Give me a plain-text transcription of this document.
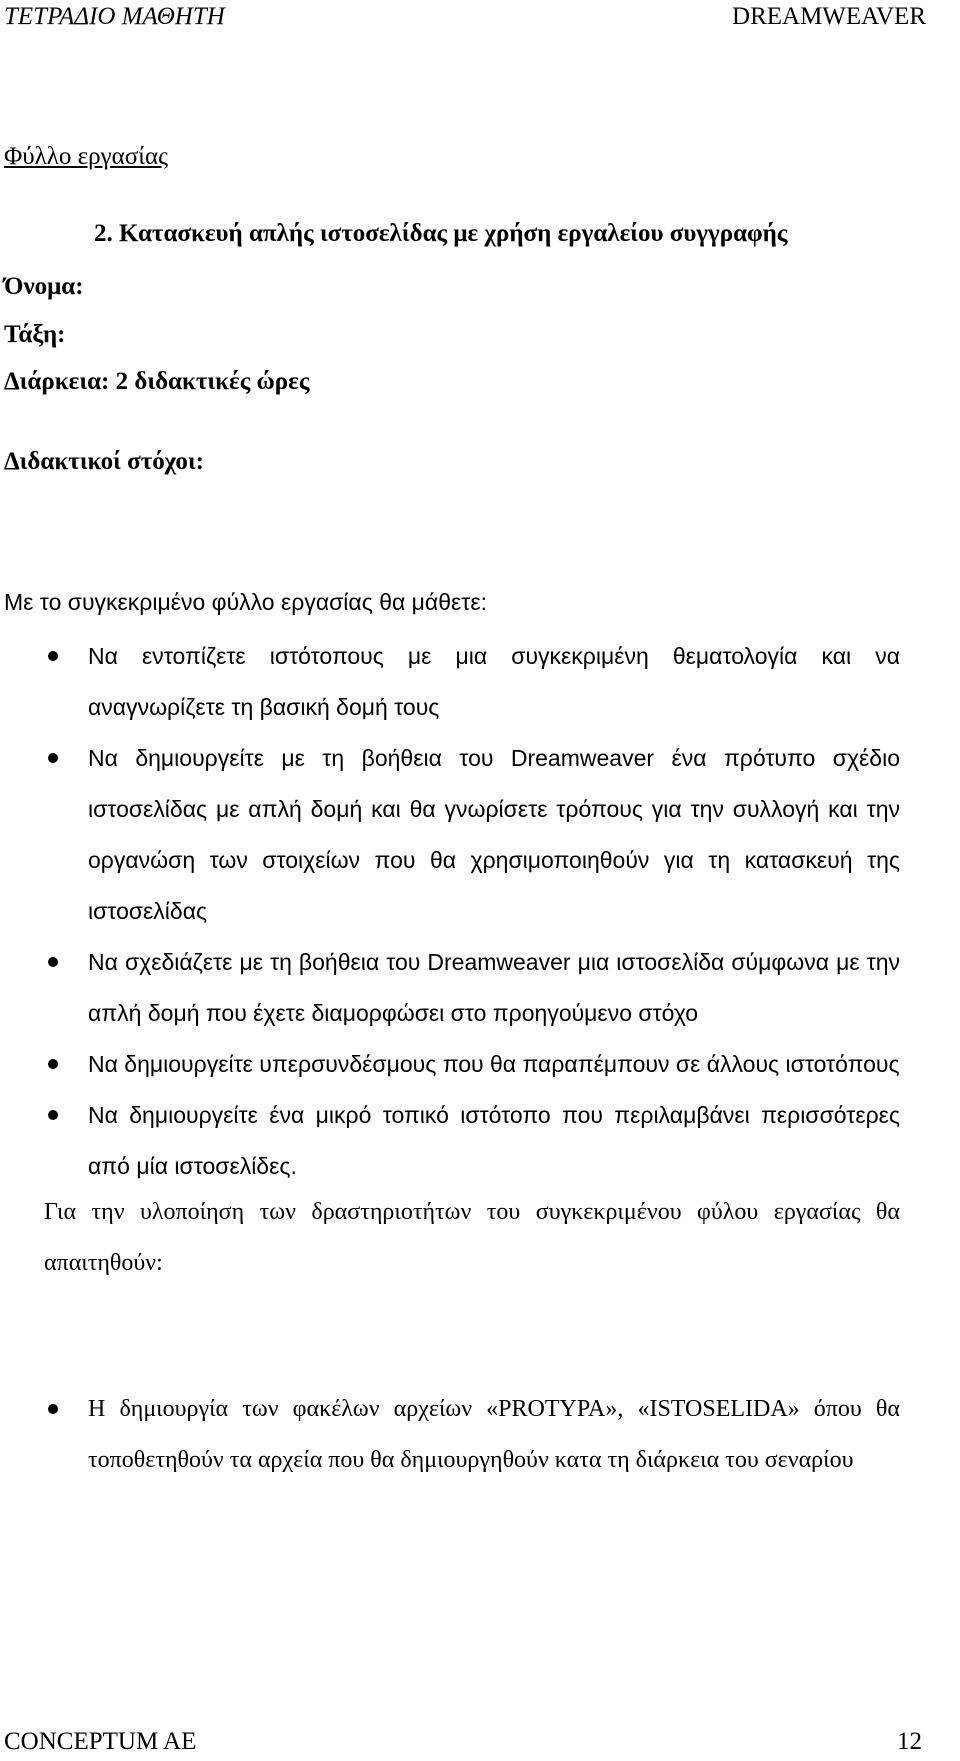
ΤΕΤΡΑΔΙΟ ΜΑΘΗΤΗ	DREAMWEAVER
Φύλλο εργασίας
2. Κατασκευή απλής ιστοσελίδας με χρήση εργαλείου συγγραφής
Όνομα:
Τάξη:
Διάρκεια: 2 διδακτικές ώρες
Διδακτικοί στόχοι:
Με το συγκεκριμένο φύλλο εργασίας θα μάθετε:
Να εντοπίζετε ιστότοπους με μια συγκεκριμένη θεματολογία και να αναγνωρίζετε τη βασική δομή τους
Να δημιουργείτε με τη βοήθεια του Dreamweaver ένα πρότυπο σχέδιο ιστοσελίδας με απλή δομή και θα γνωρίσετε τρόπους για την συλλογή και την οργανώση των στοιχείων που θα χρησιμοποιηθούν για τη κατασκευή της ιστοσελίδας
Να σχεδιάζετε με τη βοήθεια του Dreamweaver μια ιστοσελίδα σύμφωνα με την απλή δομή που έχετε διαμορφώσει στο προηγούμενο στόχο
Να δημιουργείτε υπερσυνδέσμους που θα παραπέμπουν σε άλλους ιστοτόπους
Να δημιουργείτε ένα μικρό τοπικό ιστότοπο που περιλαμβάνει περισσότερες από μία ιστοσελίδες.
Για την υλοποίηση των δραστηριοτήτων του συγκεκριμένου φύλου εργασίας θα απαιτηθούν:
Η δημιουργία των φακέλων αρχείων «PROTYPA», «ISTOSELIDA» όπου θα τοποθετηθούν τα αρχεία που θα δημιουργηθούν κατα τη διάρκεια του σεναρίου
CONCEPTUM AE	12
